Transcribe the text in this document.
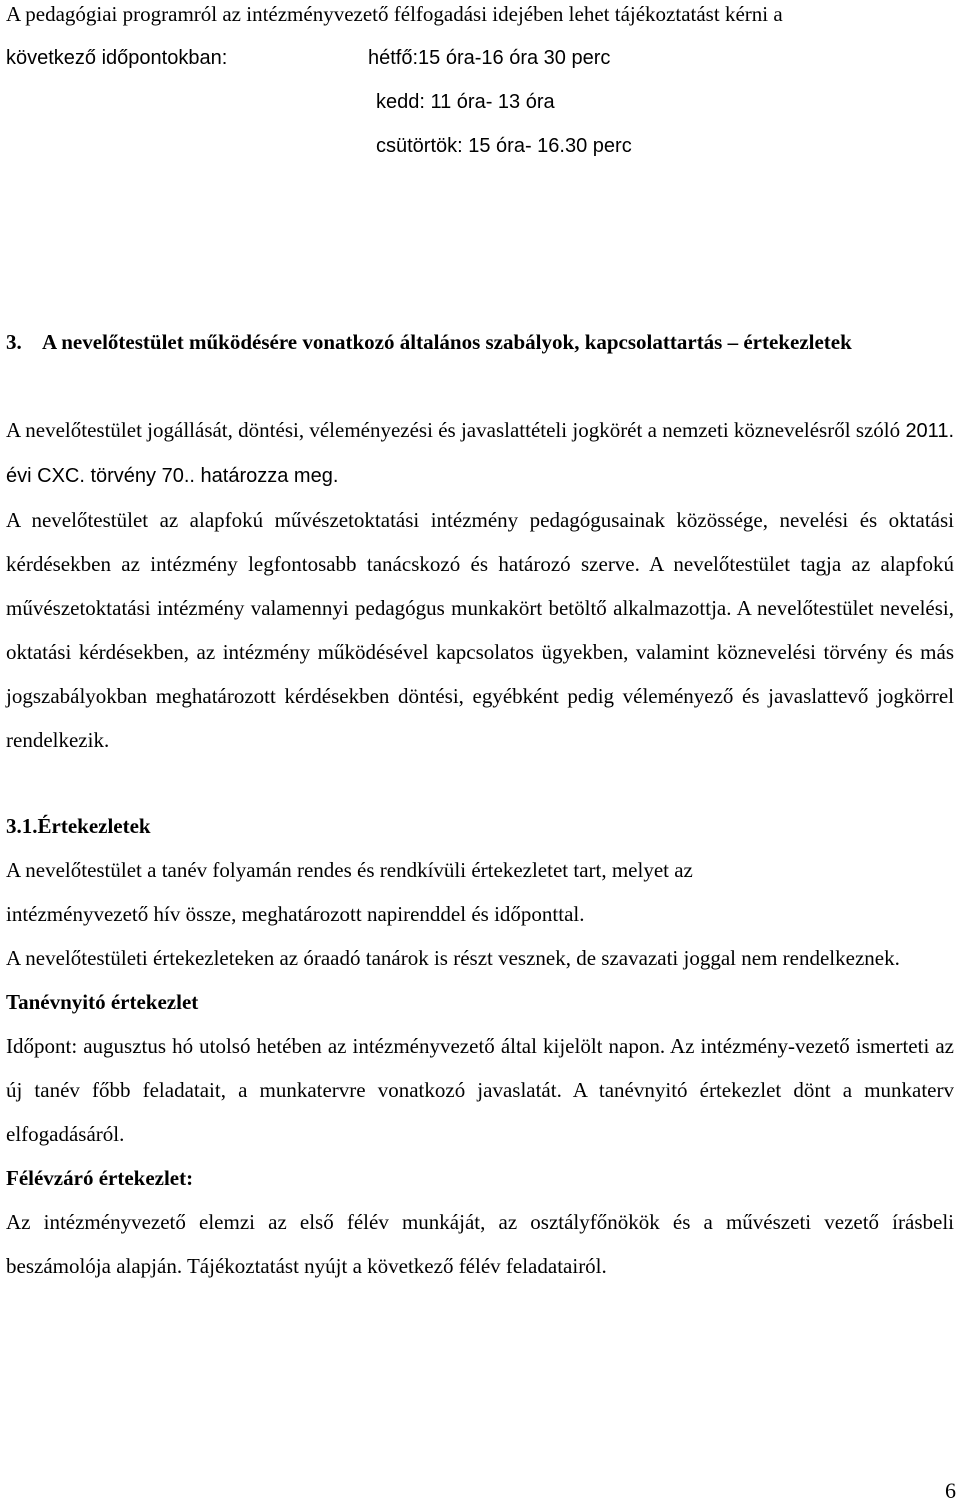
A pedagógiai programról az intézményvezető félfogadási idejében lehet tájékoztatást kérni a

következő időpontokban:	hétfő:15 óra-16 óra 30 perc

kedd: 11 óra- 13 óra

csütörtök: 15 óra- 16.30 perc

3. A nevelőtestület működésére vonatkozó általános szabályok, kapcsolattartás – értekezletek

A nevelőtestület jogállását, döntési, véleményezési és javaslattételi jogkörét a nemzeti köznevelésről szóló 2011. évi CXC. törvény 70.. határozza meg.

A nevelőtestület az alapfokú művészetoktatási intézmény pedagógusainak közössége, nevelési és oktatási kérdésekben az intézmény legfontosabb tanácskozó és határozó szerve. A nevelőtestület tagja az alapfokú művészetoktatási intézmény valamennyi pedagógus munkakört betöltő alkalmazottja. A nevelőtestület nevelési, oktatási kérdésekben, az intézmény működésével kapcsolatos ügyekben, valamint köznevelési törvény és más jogszabályokban meghatározott kérdésekben döntési, egyébként pedig véleményező és javaslattevő jogkörrel rendelkezik.

3.1.Értekezletek

A nevelőtestület a tanév folyamán rendes és rendkívüli értekezletet tart, melyet az

intézményvezető hív össze, meghatározott napirenddel és időponttal.

A nevelőtestületi értekezleteken az óraadó tanárok is részt vesznek, de szavazati joggal nem rendelkeznek.

Tanévnyitó értekezlet

Időpont: augusztus hó utolsó hetében az intézményvezető által kijelölt napon. Az intézmény-vezető ismerteti az új tanév főbb feladatait, a munkatervre vonatkozó javaslatát. A tanévnyitó értekezlet dönt a munkaterv elfogadásáról.

Félévzáró értekezlet:

Az intézményvezető elemzi az első félév munkáját, az osztályfőnökök és a művészeti vezető írásbeli beszámolója alapján. Tájékoztatást nyújt a következő félév feladatairól.

6
